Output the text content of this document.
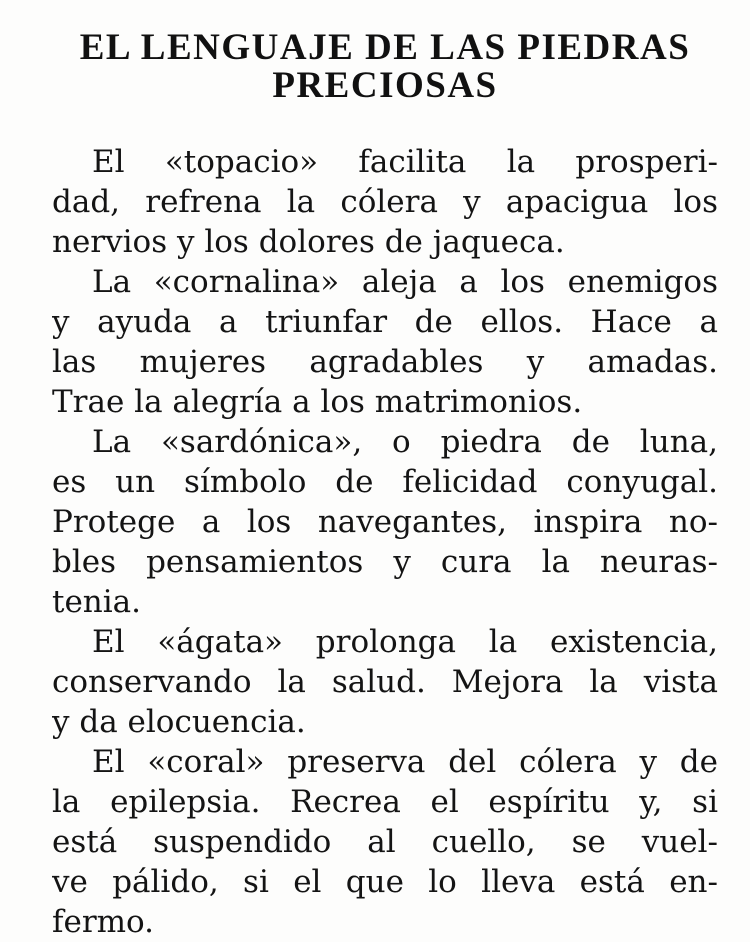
EL LENGUAJE DE LAS PIEDRAS
PRECIOSAS
El «topacio» facilita la prosperi-
dad, refrena la cólera y apacigua los
nervios y los dolores de jaqueca.
La «cornalina» aleja a los enemigos
y ayuda a triunfar de ellos. Hace a
las mujeres agradables y amadas.
Trae la alegría a los matrimonios.
La «sardónica», o piedra de luna,
es un símbolo de felicidad conyugal.
Protege a los navegantes, inspira no-
bles pensamientos y cura la neuras-
tenia.
El «ágata» prolonga la existencia,
conservando la salud. Mejora la vista
y da elocuencia.
El «coral» preserva del cólera y de
la epilepsia. Recrea el espíritu y, si
está suspendido al cuello, se vuel-
ve pálido, si el que lo lleva está en-
fermo.
